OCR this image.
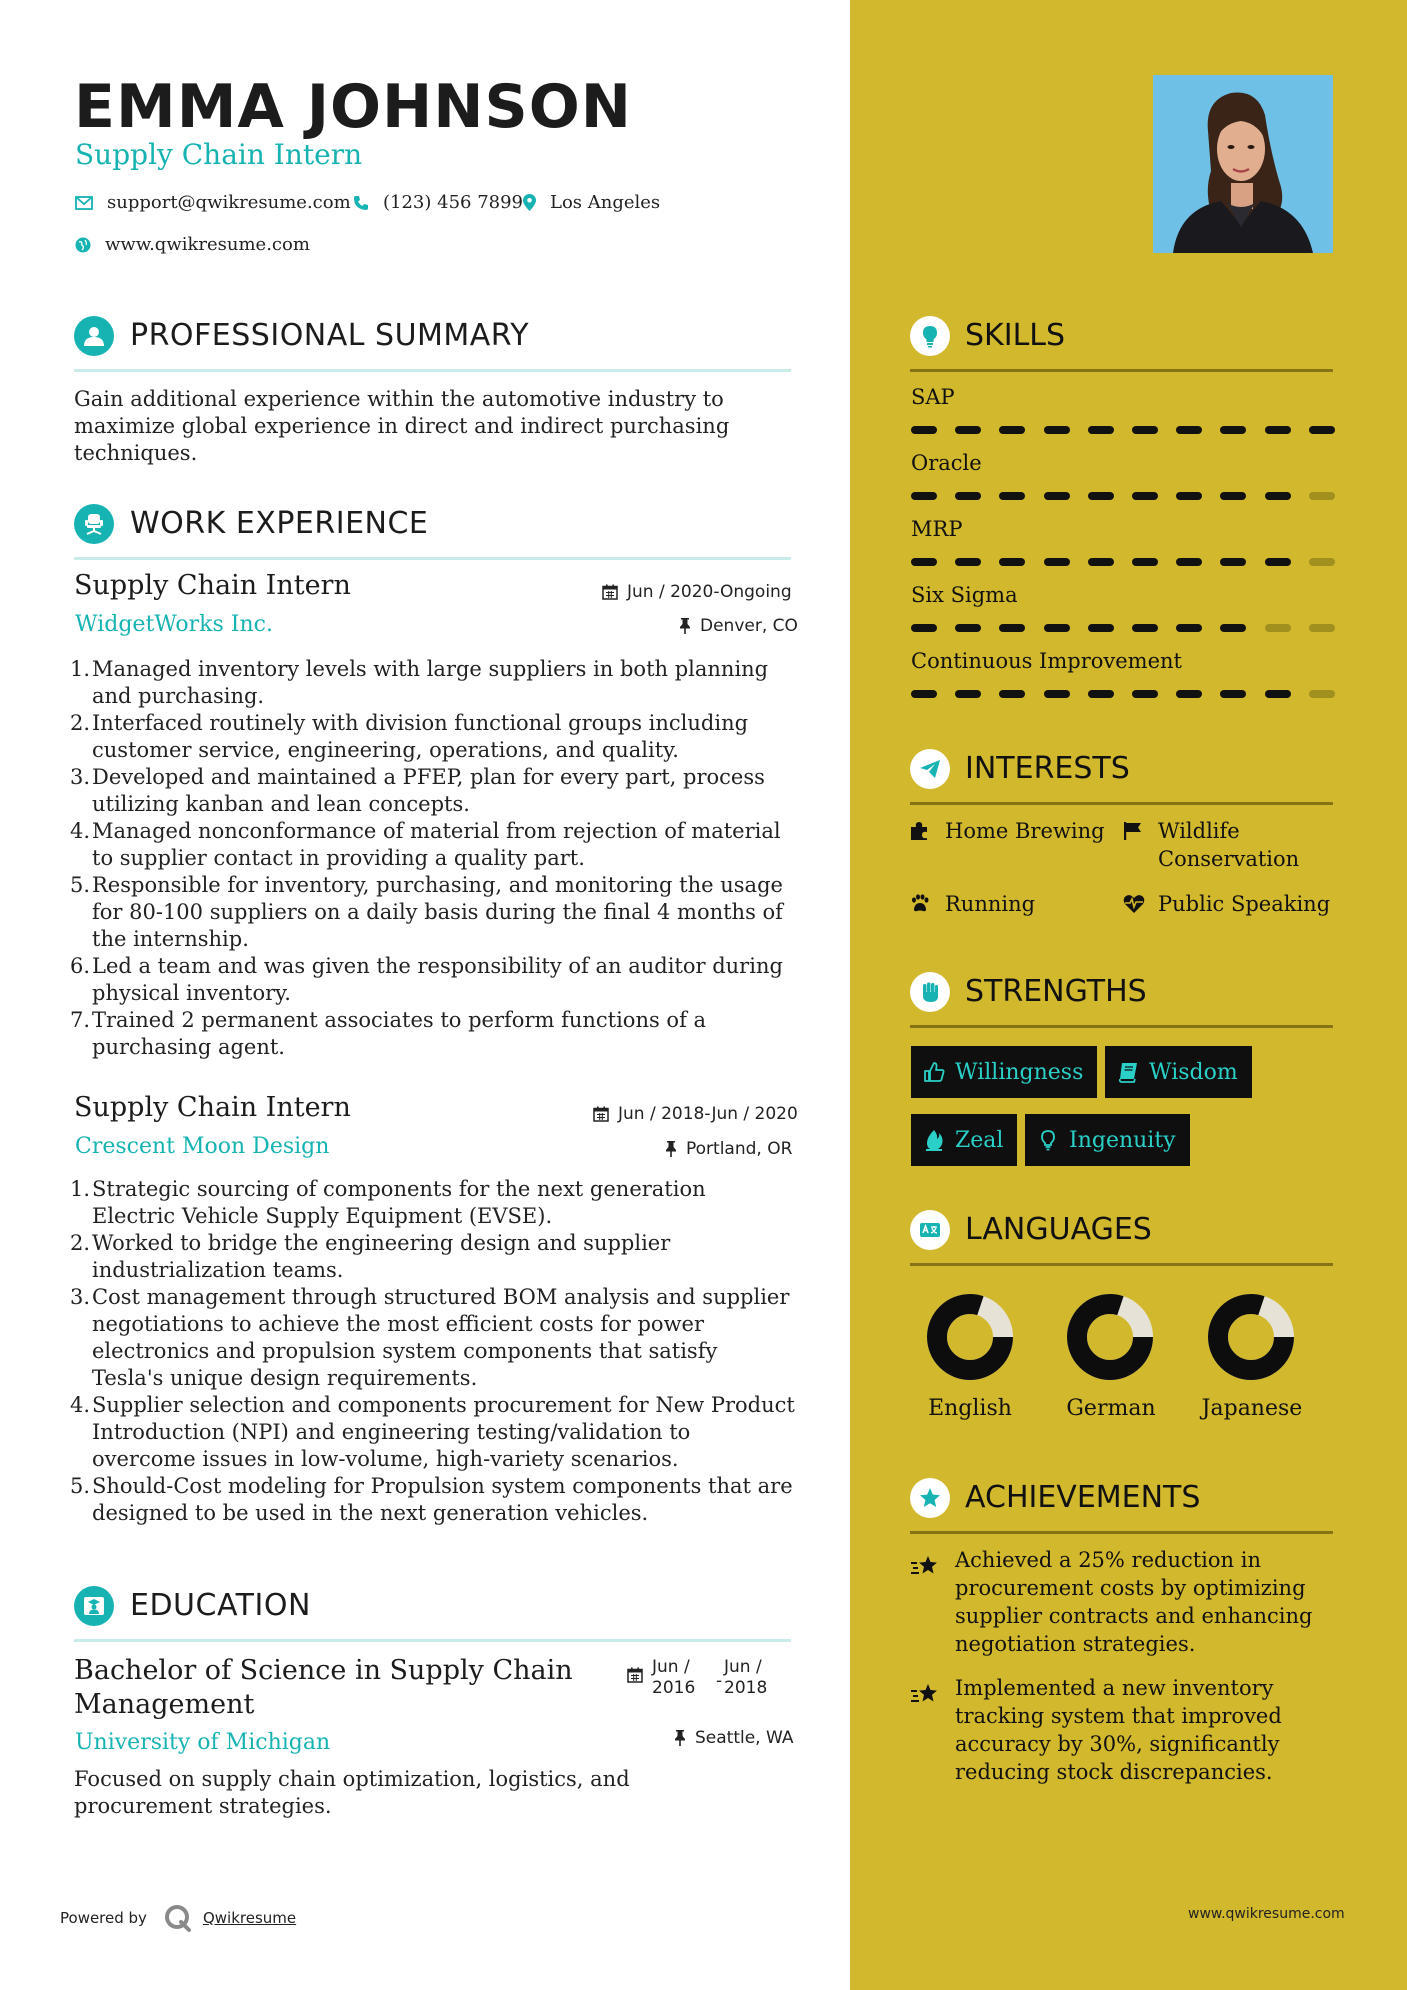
EMMA JOHNSON
Supply Chain Intern
support@qwikresume.com (123) 456 7899 Los Angeles
www.qwikresume.com
PROFESSIONAL SUMMARY
Gain additional experience within the automotive industry to maximize global experience in direct and indirect purchasing techniques.
WORK EXPERIENCE
Supply Chain Intern
WidgetWorks Inc.
Jun / 2020-Ongoing
Denver, CO
1. Managed inventory levels with large suppliers in both planning and purchasing.
2. Interfaced routinely with division functional groups including customer service, engineering, operations, and quality.
3. Developed and maintained a PFEP, plan for every part, process utilizing kanban and lean concepts.
4. Managed nonconformance of material from rejection of material to supplier contact in providing a quality part.
5. Responsible for inventory, purchasing, and monitoring the usage for 80-100 suppliers on a daily basis during the final 4 months of the internship.
6. Led a team and was given the responsibility of an auditor during physical inventory.
7. Trained 2 permanent associates to perform functions of a purchasing agent.
Supply Chain Intern
Crescent Moon Design
Jun / 2018-Jun / 2020
Portland, OR
1. Strategic sourcing of components for the next generation Electric Vehicle Supply Equipment (EVSE).
2. Worked to bridge the engineering design and supplier industrialization teams.
3. Cost management through structured BOM analysis and supplier negotiations to achieve the most efficient costs for power electronics and propulsion system components that satisfy Tesla's unique design requirements.
4. Supplier selection and components procurement for New Product Introduction (NPI) and engineering testing/validation to overcome issues in low-volume, high-variety scenarios.
5. Should-Cost modeling for Propulsion system components that are designed to be used in the next generation vehicles.
EDUCATION
Bachelor of Science in Supply Chain Management
University of Michigan
Jun /
2016 -
Jun /
2018
Seattle, WA
Focused on supply chain optimization, logistics, and procurement strategies.
Powered by	Qwikresume
SKILLS
SAP
Oracle
MRP
Six Sigma
Continuous Improvement
INTERESTS
Home Brewing	Wildlife Conservation
Running	Public Speaking
STRENGTHS
Willingness	Wisdom
Zeal	Ingenuity
LANGUAGES
English	German	Japanese
ACHIEVEMENTS
Achieved a 25% reduction in procurement costs by optimizing supplier contracts and enhancing negotiation strategies.
Implemented a new inventory tracking system that improved accuracy by 30%, significantly reducing stock discrepancies.
www.qwikresume.com
